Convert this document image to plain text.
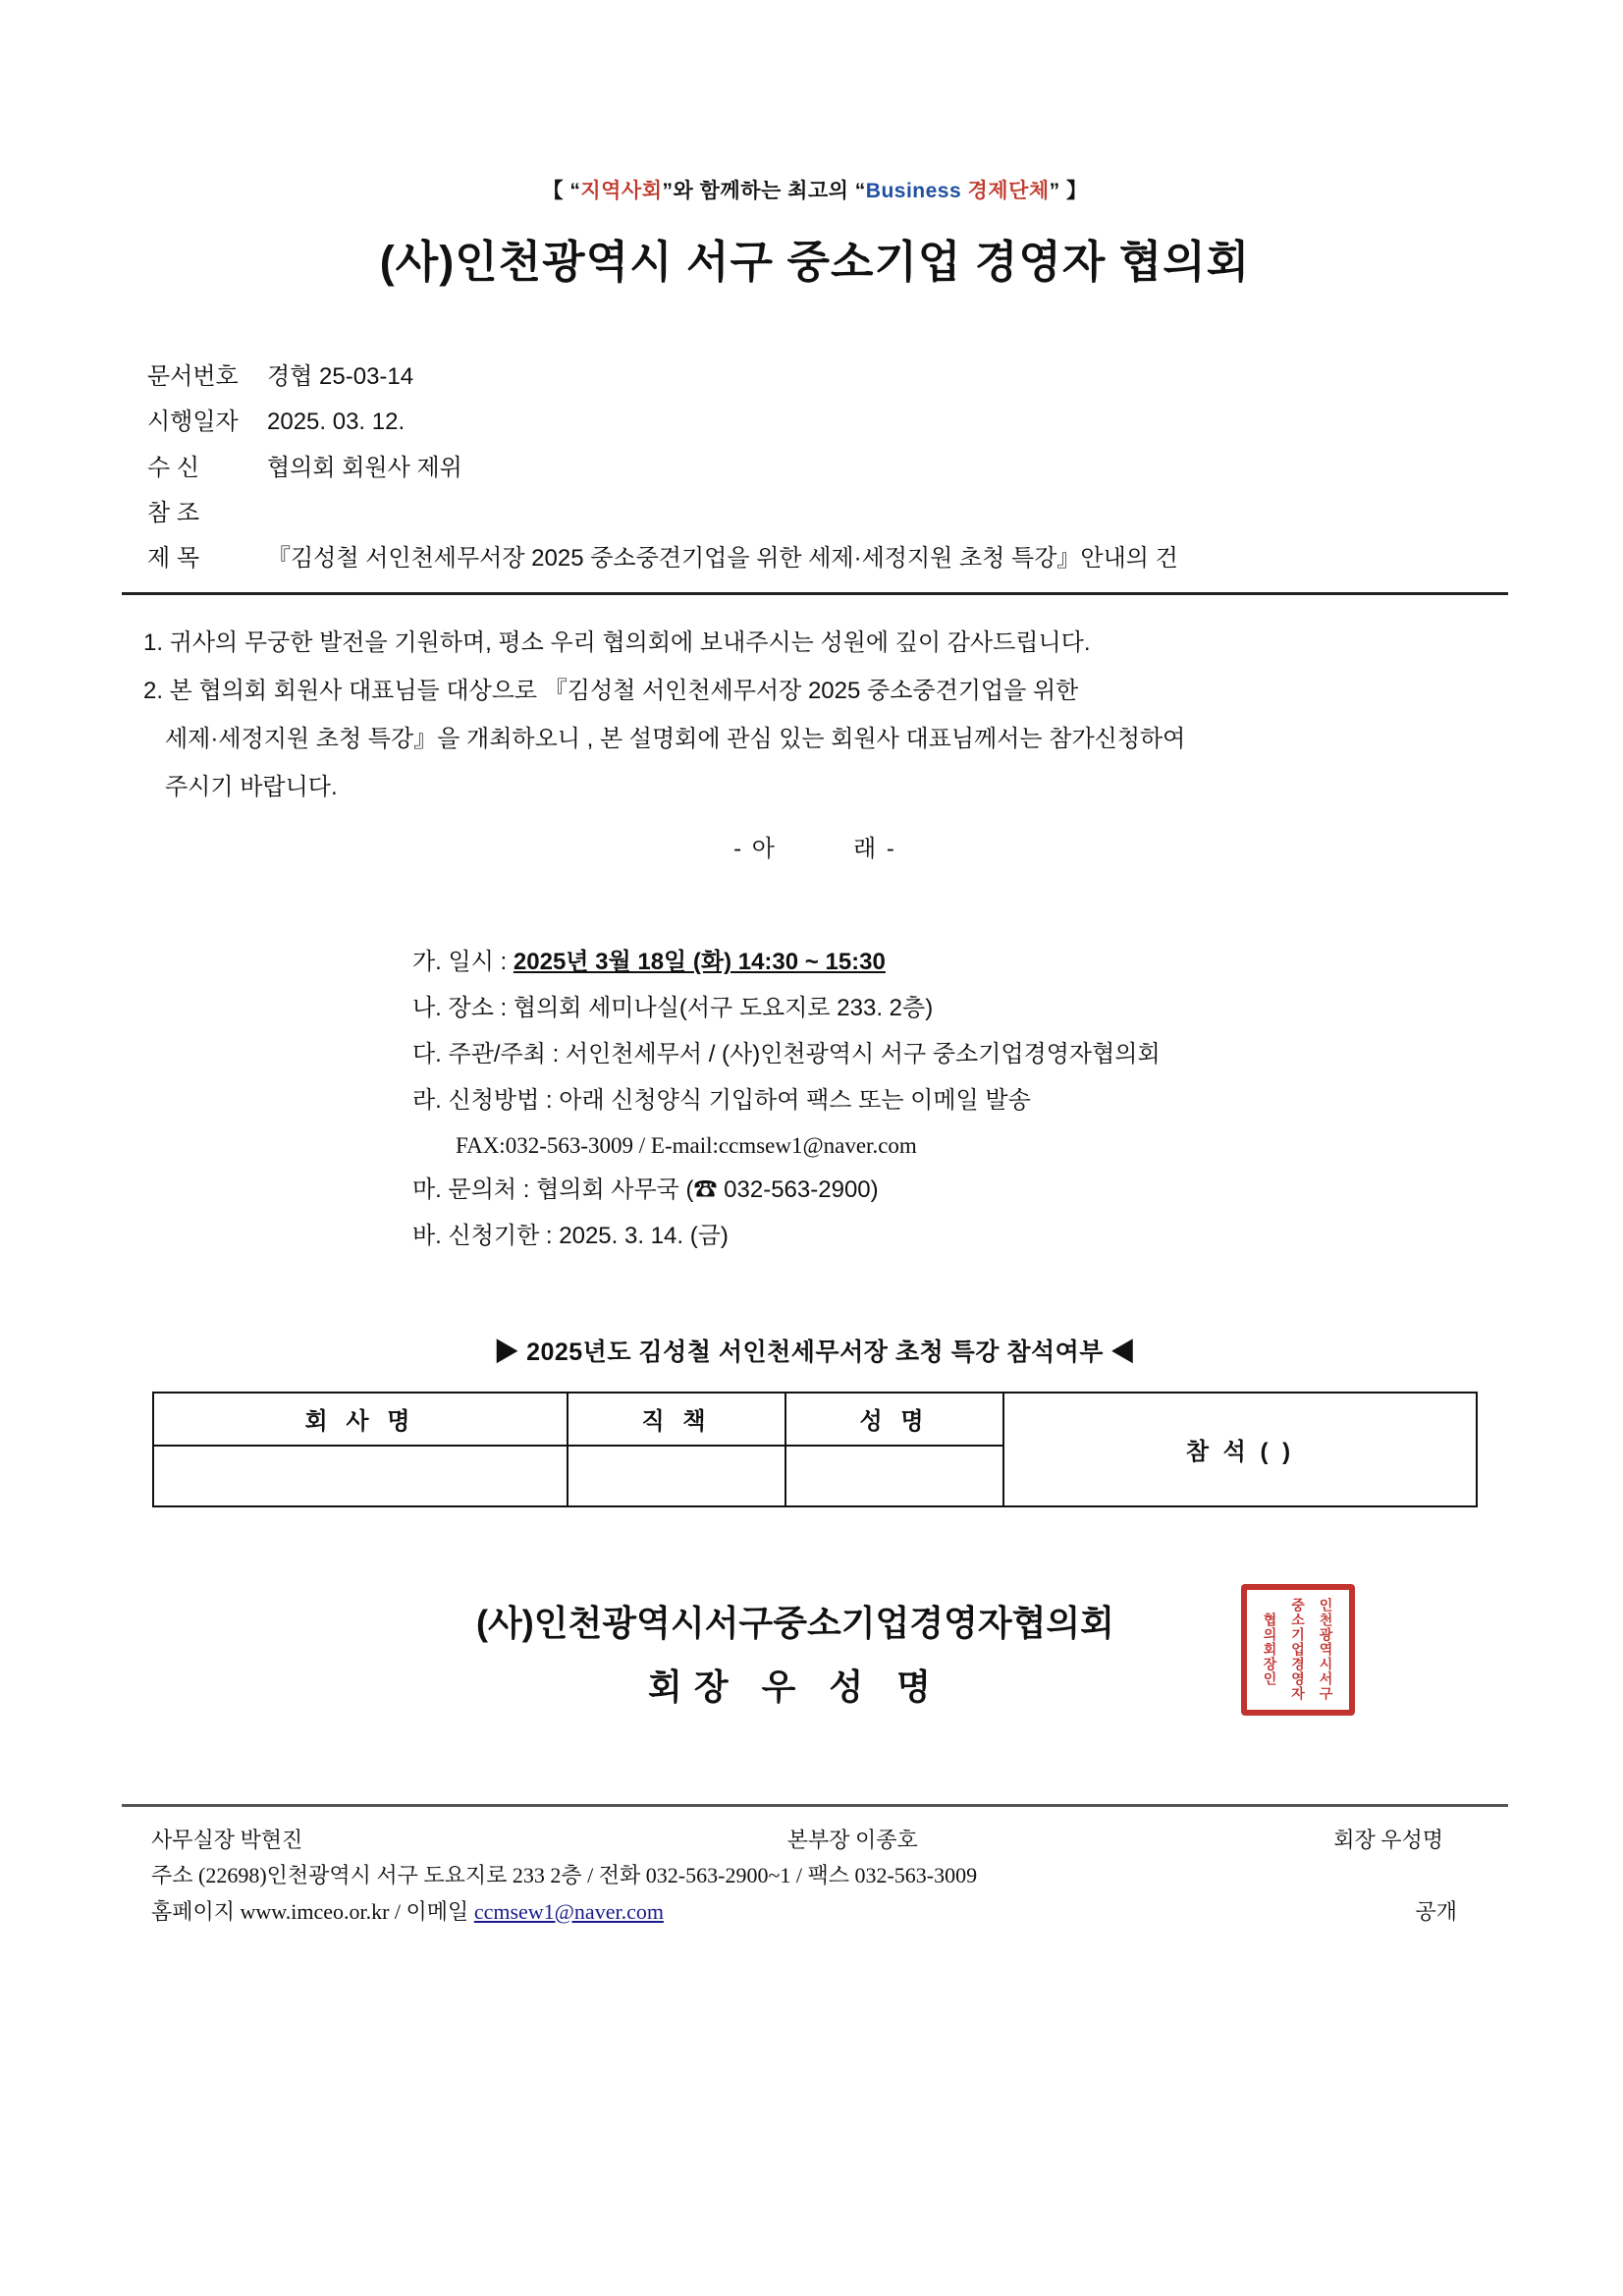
【 “지역사회”와 함께하는 최고의 “Business 경제단체” 】
(사)인천광역시 서구 중소기업 경영자 협의회
문서번호	경협 25-03-14
시행일자	2025. 03. 12.
수 신	협의회 회원사 제위
참 조
제 목	『김성철 서인천세무서장 2025 중소중견기업을 위한 세제·세정지원 초청 특강』안내의 건

1. 귀사의 무궁한 발전을 기원하며, 평소 우리 협의회에 보내주시는 성원에 깊이 감사드립니다.

2. 본 협의회 회원사 대표님들 대상으로 『김성철 서인천세무서장 2025 중소중견기업을 위한

세제·세정지원 초청 특강』을 개최하오니 , 본 설명회에 관심 있는 회원사 대표님께서는 참가신청하여

주시기 바랍니다.

- 아	래 -
가. 일시 : 2025년 3월 18일 (화) 14:30 ~ 15:30
나. 장소 : 협의회 세미나실(서구 도요지로 233. 2층)
다. 주관/주최 : 서인천세무서 / (사)인천광역시 서구 중소기업경영자협의회
라. 신청방법 : 아래 신청양식 기입하여 팩스 또는 이메일 발송
FAX:032-563-3009 / E-mail:ccmsew1@naver.com
마. 문의처 : 협의회 사무국 (☎ 032-563-2900)
바. 신청기한 : 2025. 3. 14. (금)
▶ 2025년도 김성철 서인천세무서장 초청 특강 참석여부 ◀
회 사 명	직 책	성 명	참 석 ( )

(사)인천광역시서구중소기업경영자협의회
회장 우 성 명	인천광역시서구
중소기업경영자
협의회장인
사무실장 박현진	본부장 이종호	회장 우성명
주소 (22698)인천광역시 서구 도요지로 233 2층 / 전화 032-563-2900~1 / 팩스 032-563-3009
홈페이지 www.imceo.or.kr / 이메일 ccmsew1@naver.com	공개
